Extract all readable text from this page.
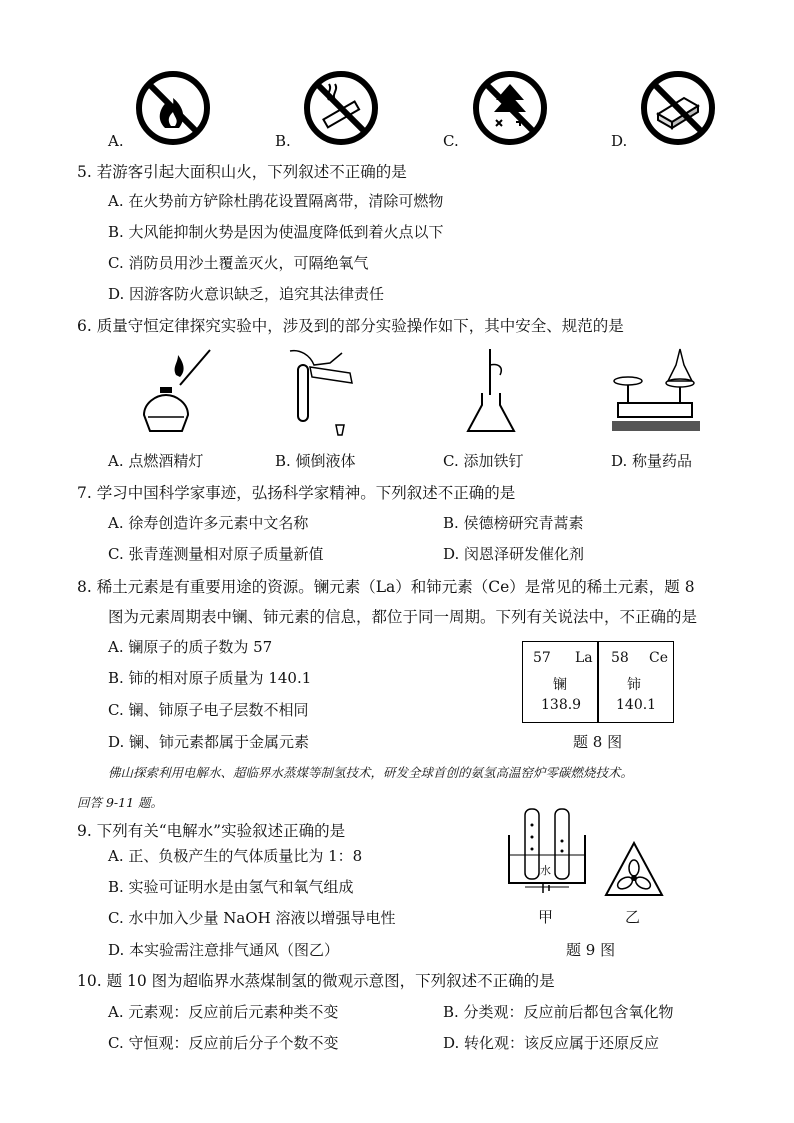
A.	B.	C.	D.
5. 若游客引起大面积山火，下列叙述不正确的是
A. 在火势前方铲除杜鹃花设置隔离带，清除可燃物
B. 大风能抑制火势是因为使温度降低到着火点以下
C. 消防员用沙土覆盖灭火，可隔绝氧气
D. 因游客防火意识缺乏，追究其法律责任
6. 质量守恒定律探究实验中，涉及到的部分实验操作如下，其中安全、规范的是
A. 点燃酒精灯	B. 倾倒液体	C. 添加铁钉	D. 称量药品
7. 学习中国科学家事迹，弘扬科学家精神。下列叙述不正确的是
A. 徐寿创造许多元素中文名称	B. 侯德榜研究青蒿素
C. 张青莲测量相对原子质量新值	D. 闵恩泽研发催化剂
8. 稀土元素是有重要用途的资源。镧元素（La）和铈元素（Ce）是常见的稀土元素，题 8
图为元素周期表中镧、铈元素的信息，都位于同一周期。下列有关说法中，不正确的是
A. 镧原子的质子数为 57
B. 铈的相对原子质量为 140.1
C. 镧、铈原子电子层数不相同
D. 镧、铈元素都属于金属元素
57 La
镧
138.9
58 Ce
铈
140.1
题 8 图
佛山探索利用电解水、超临界水蒸煤等制氢技术，研发全球首创的氨氢高温窑炉零碳燃烧技术。
回答 9-11 题。
9. 下列有关“电解水”实验叙述正确的是
A. 正、负极产生的气体质量比为 1：8
B. 实验可证明水是由氢气和氧气组成
C. 水中加入少量 NaOH 溶液以增强导电性
D. 本实验需注意排气通风（图乙）
水
甲	乙
题 9 图
10. 题 10 图为超临界水蒸煤制氢的微观示意图，下列叙述不正确的是
A. 元素观：反应前后元素种类不变	B. 分类观：反应前后都包含氧化物
C. 守恒观：反应前后分子个数不变	D. 转化观：该反应属于还原反应
